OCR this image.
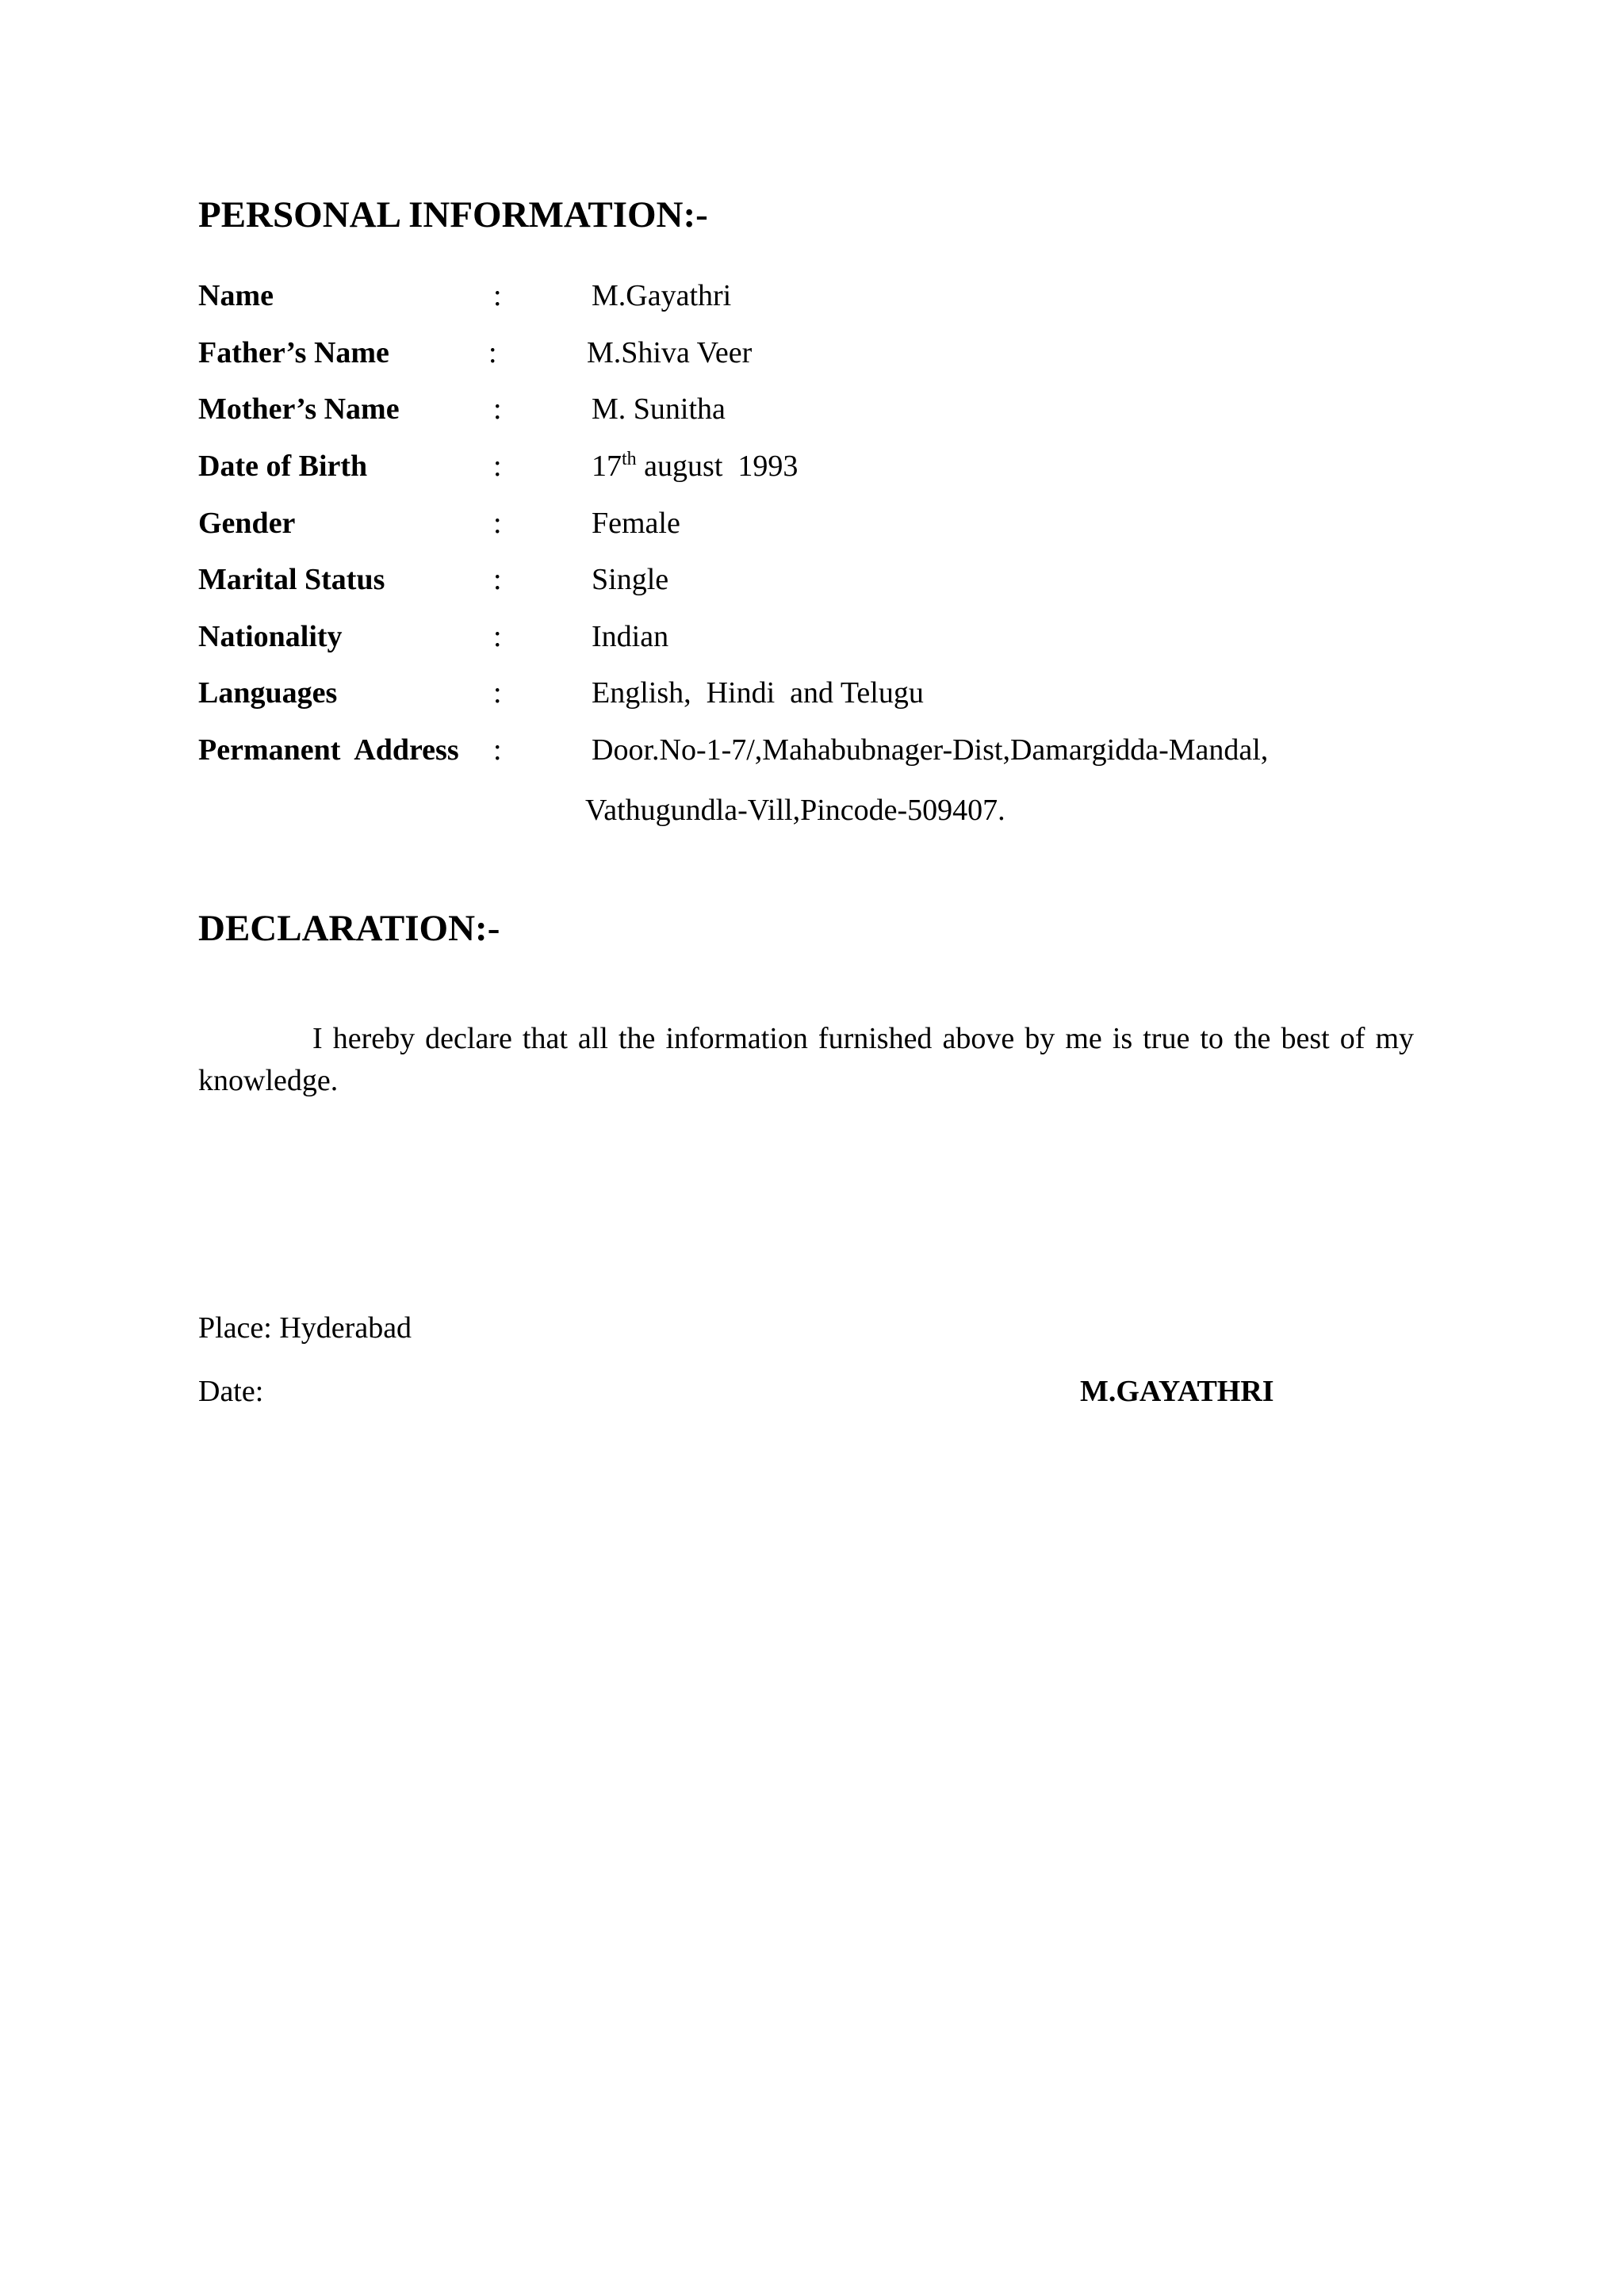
PERSONAL INFORMATION:-
Name	:	M.Gayathri
Father’s Name	:	M.Shiva Veer
Mother’s Name	:	M. Sunitha
Date of Birth	:	17th august  1993
Gender	:	Female
Marital Status	:	Single
Nationality	:	Indian
Languages	:	English,  Hindi  and Telugu
Permanent  Address :	Door.No-1-7/,Mahabubnager-Dist,Damargidda-Mandal,
Vathugundla-Vill,Pincode-509407.
DECLARATION:-

I hereby declare that all the information furnished above by me is true to the best of my knowledge.

Place: Hyderabad
Date:	M.GAYATHRI
